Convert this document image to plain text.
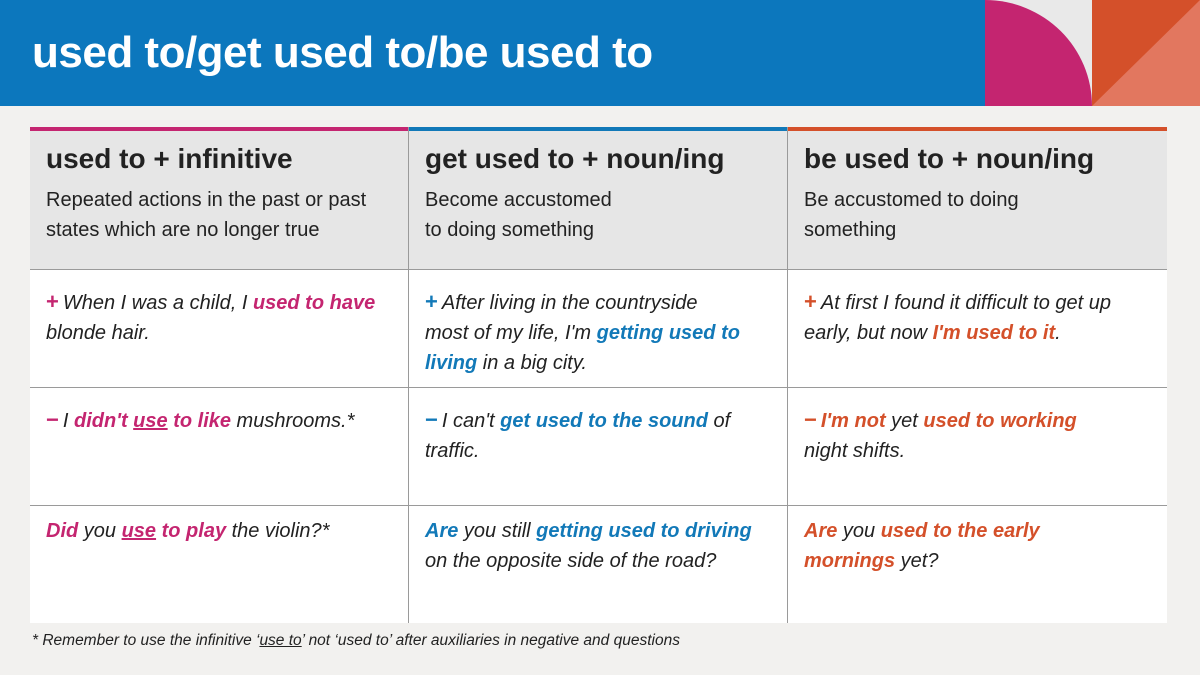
used to/get used to/be used to
used to + infinitive
Repeated actions in the past or past
states which are no longer true
get used to + noun/ing
Become accustomed
to doing something
be used to + noun/ing
Be accustomed to doing
something
+ When I was a child, I used to have
blonde hair.
+ After living in the countryside
most of my life, I'm getting used to
living in a big city.
+ At first I found it difficult to get up
early, but now I'm used to it.
− I didn't use to like mushrooms.*	− I can't get used to the sound of
traffic.
− I'm not yet used to working
night shifts.
Did you use to play the violin?*	Are you still getting used to driving
on the opposite side of the road?
Are you used to the early
mornings yet?
* Remember to use the infinitive ‘use to’ not ‘used to’ after auxiliaries in negative and questions
